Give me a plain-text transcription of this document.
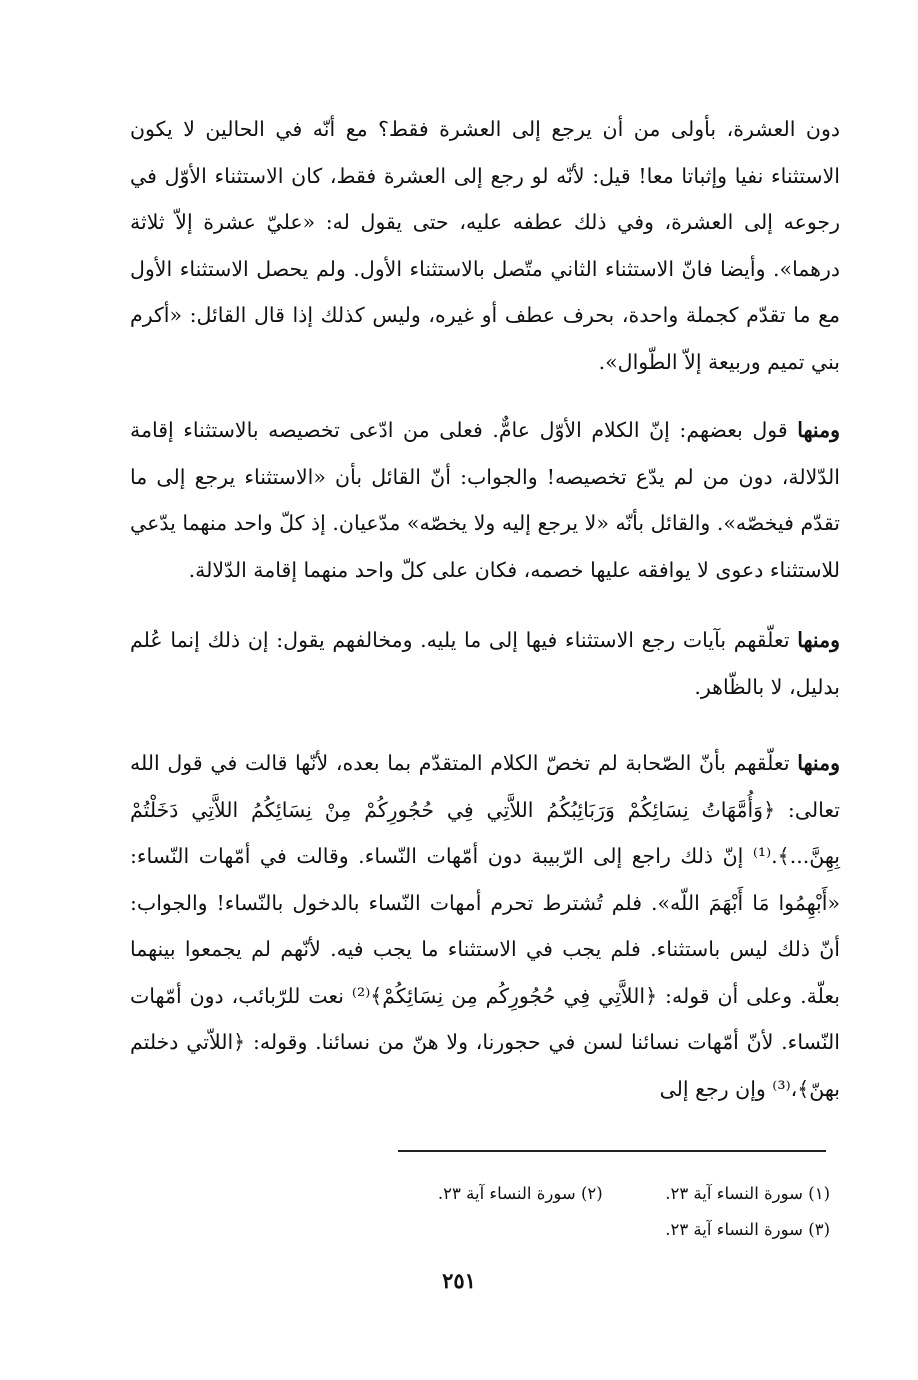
دون العشرة، بأولى من أن يرجع إلى العشرة فقط؟ مع أنّه في الحالين لا يكون الاستثناء نفيا وإثباتا معا! قيل: لأنّه لو رجع إلى العشرة فقط، كان الاستثناء الأوّل في رجوعه إلى العشرة، وفي ذلك عطفه عليه، حتى يقول له: «عليّ عشرة إلاّ ثلاثة درهما». وأيضا فانّ الاستثناء الثاني متّصل بالاستثناء الأول. ولم يحصل الاستثناء الأول مع ما تقدّم كجملة واحدة، بحرف عطف أو غيره، وليس كذلك إذا قال القائل: «أكرم بني تميم وربيعة إلاّ الطّوال».

ومنها قول بعضهم: إنّ الكلام الأوّل عامٌّ. فعلى من ادّعى تخصيصه بالاستثناء إقامة الدّلالة، دون من لم يدّع تخصيصه! والجواب: أنّ القائل بأن «الاستثناء يرجع إلى ما تقدّم فيخصّه». والقائل بأنّه «لا يرجع إليه ولا يخصّه» مدّعيان. إذ كلّ واحد منهما يدّعي للاستثناء دعوى لا يوافقه عليها خصمه، فكان على كلّ واحد منهما إقامة الدّلالة.

ومنها تعلّقهم بآيات رجع الاستثناء فيها إلى ما يليه. ومخالفهم يقول: إن ذلك إنما عُلم بدليل، لا بالظّاهر.

ومنها تعلّقهم بأنّ الصّحابة لم تخصّ الكلام المتقدّم بما بعده، لأنّها قالت في قول الله تعالى: ﴿وَأُمَّهَاتُ نِسَائِكُمْ وَرَبَائِبُكُمُ اللاَّتِي فِي حُجُورِكُمْ مِنْ نِسَائِكُمُ اللاَّتِي دَخَلْتُمْ بِهِنَّ...﴾.⁽¹⁾ إنّ ذلك راجع إلى الرّبيبة دون أمّهات النّساء. وقالت في أمّهات النّساء: «أَبْهِمُوا مَا أَبْهَمَ اللّه». فلم تُشترط تحرم أمهات النّساء بالدخول بالنّساء! والجواب: أنّ ذلك ليس باستثناء. فلم يجب في الاستثناء ما يجب فيه. لأنّهم لم يجمعوا بينهما بعلّة. وعلى أن قوله: ﴿اللاَّتِي فِي حُجُورِكُم مِن نِسَائِكُمْ﴾⁽²⁾ نعت للرّبائب، دون أمّهات النّساء. لأنّ أمّهات نسائنا لسن في حجورنا، ولا هنّ من نسائنا. وقوله: ﴿اللاّتي دخلتم بهنّ﴾،⁽³⁾ وإن رجع إلى

(١) سورة النساء آية ٢٣.  (٢) سورة النساء آية ٢٣.
(٣) سورة النساء آية ٢٣.
٢٥١
